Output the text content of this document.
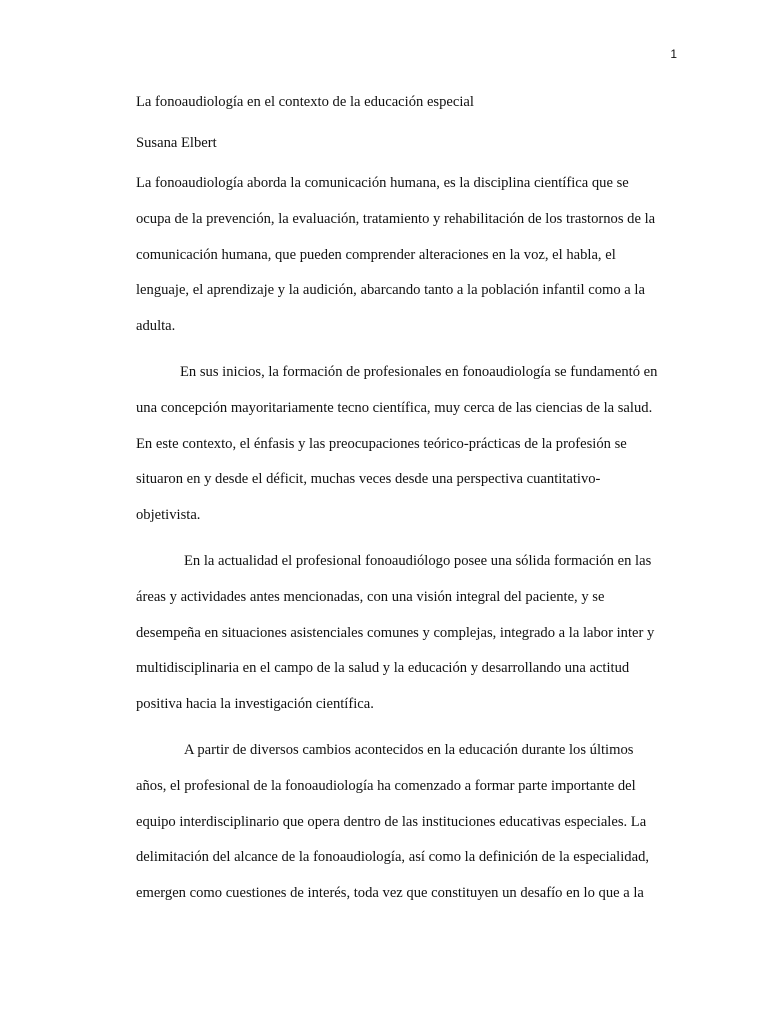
1
La fonoaudiología en el contexto de la educación especial
Susana Elbert
La fonoaudiología aborda la comunicación humana, es la disciplina científica que se
ocupa de la prevención, la evaluación, tratamiento y rehabilitación de los trastornos de la
comunicación humana, que pueden comprender alteraciones en la voz, el habla, el
lenguaje, el aprendizaje y la audición, abarcando tanto a la población infantil como a la
adulta.
En sus inicios, la formación de profesionales en fonoaudiología se fundamentó en
una concepción mayoritariamente tecno científica, muy cerca de las ciencias de la salud.
En este contexto, el énfasis y las preocupaciones teórico-prácticas de la profesión se
situaron en y desde el déficit, muchas veces desde una perspectiva cuantitativo-
objetivista.
En la actualidad el profesional fonoaudiólogo posee una sólida formación en las
áreas y actividades antes mencionadas, con una visión integral del paciente, y se
desempeña en situaciones asistenciales comunes y complejas, integrado a la labor inter y
multidisciplinaria en el campo de la salud y la educación y desarrollando una actitud
positiva hacia la investigación científica.
A partir de diversos cambios acontecidos en la educación durante los últimos
años, el profesional de la fonoaudiología ha comenzado a formar parte importante del
equipo interdisciplinario que opera dentro de las instituciones educativas especiales. La
delimitación del alcance de la fonoaudiología, así como la definición de la especialidad,
emergen como cuestiones de interés, toda vez que constituyen un desafío en lo que a la
